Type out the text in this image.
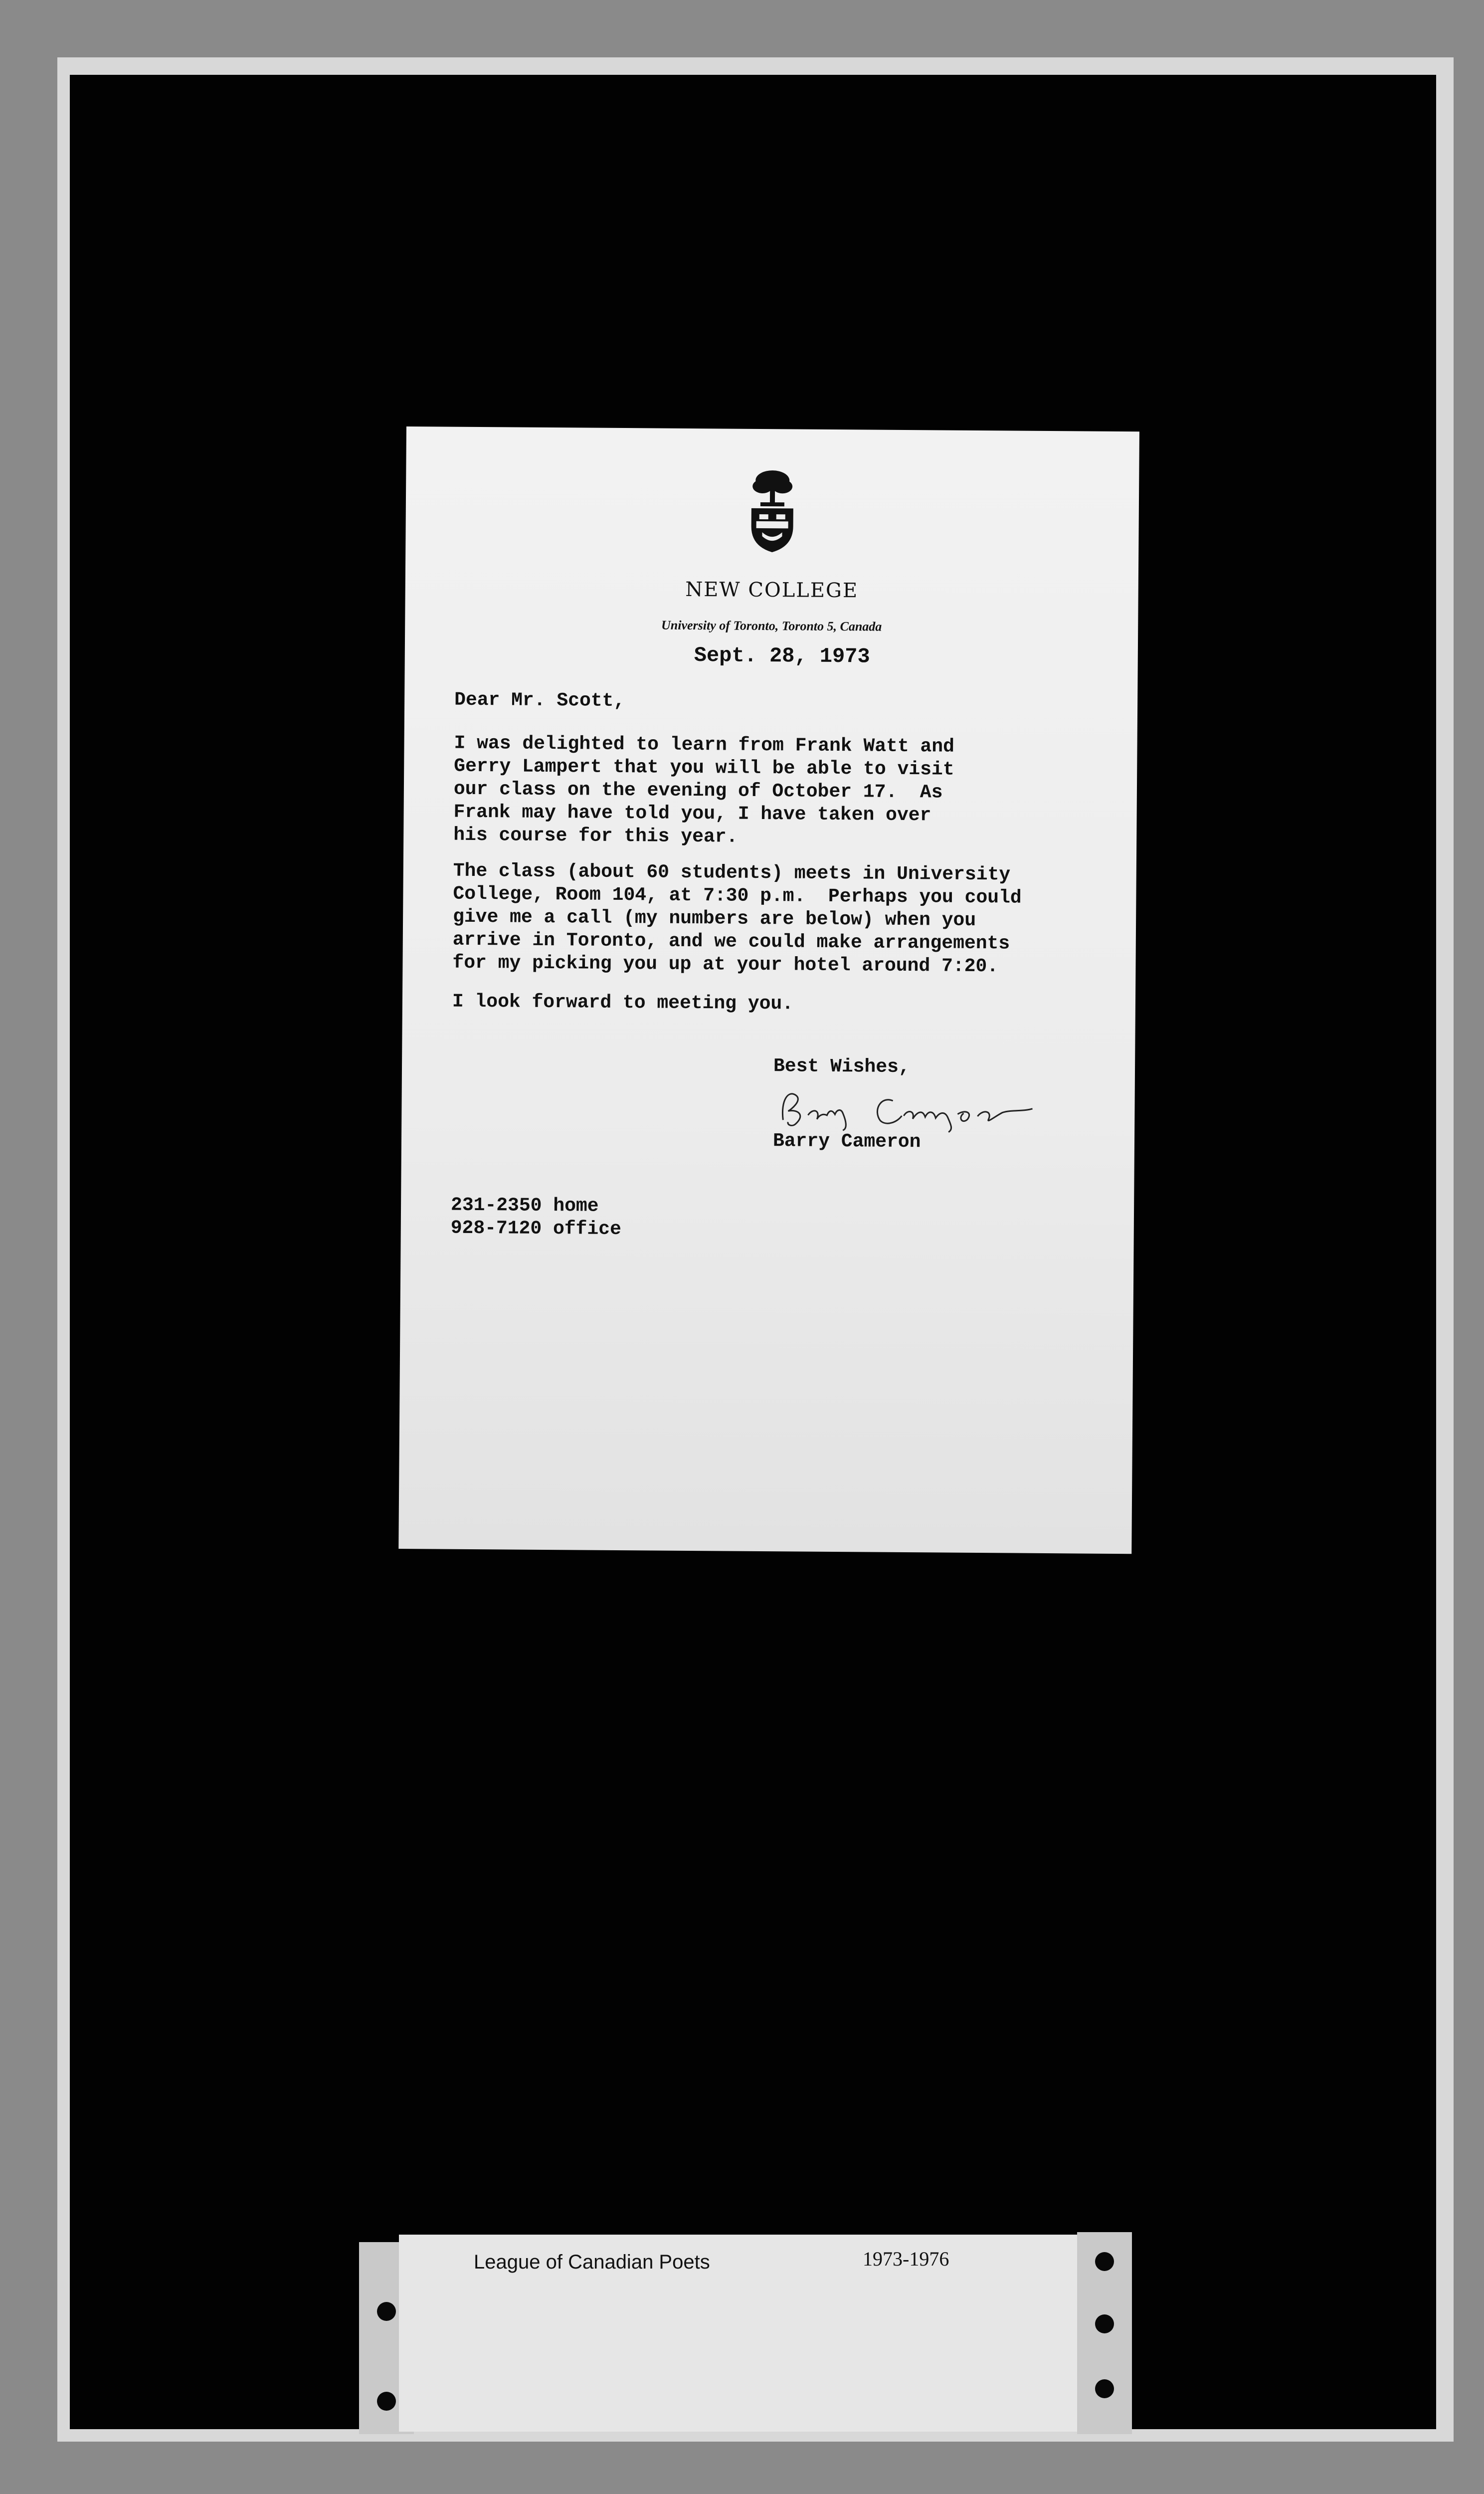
NEW COLLEGE
University of Toronto, Toronto 5, Canada
Sept. 28, 1973
Dear Mr. Scott,
I was delighted to learn from Frank Watt and
Gerry Lampert that you will be able to visit
our class on the evening of October 17.  As
Frank may have told you, I have taken over
his course for this year.
The class (about 60 students) meets in University
College, Room 104, at 7:30 p.m.  Perhaps you could
give me a call (my numbers are below) when you
arrive in Toronto, and we could make arrangements
for my picking you up at your hotel around 7:20.
I look forward to meeting you.
Best Wishes,
Barry Cameron
231-2350 home
928-7120 office
League of Canadian Poets	1973-1976
